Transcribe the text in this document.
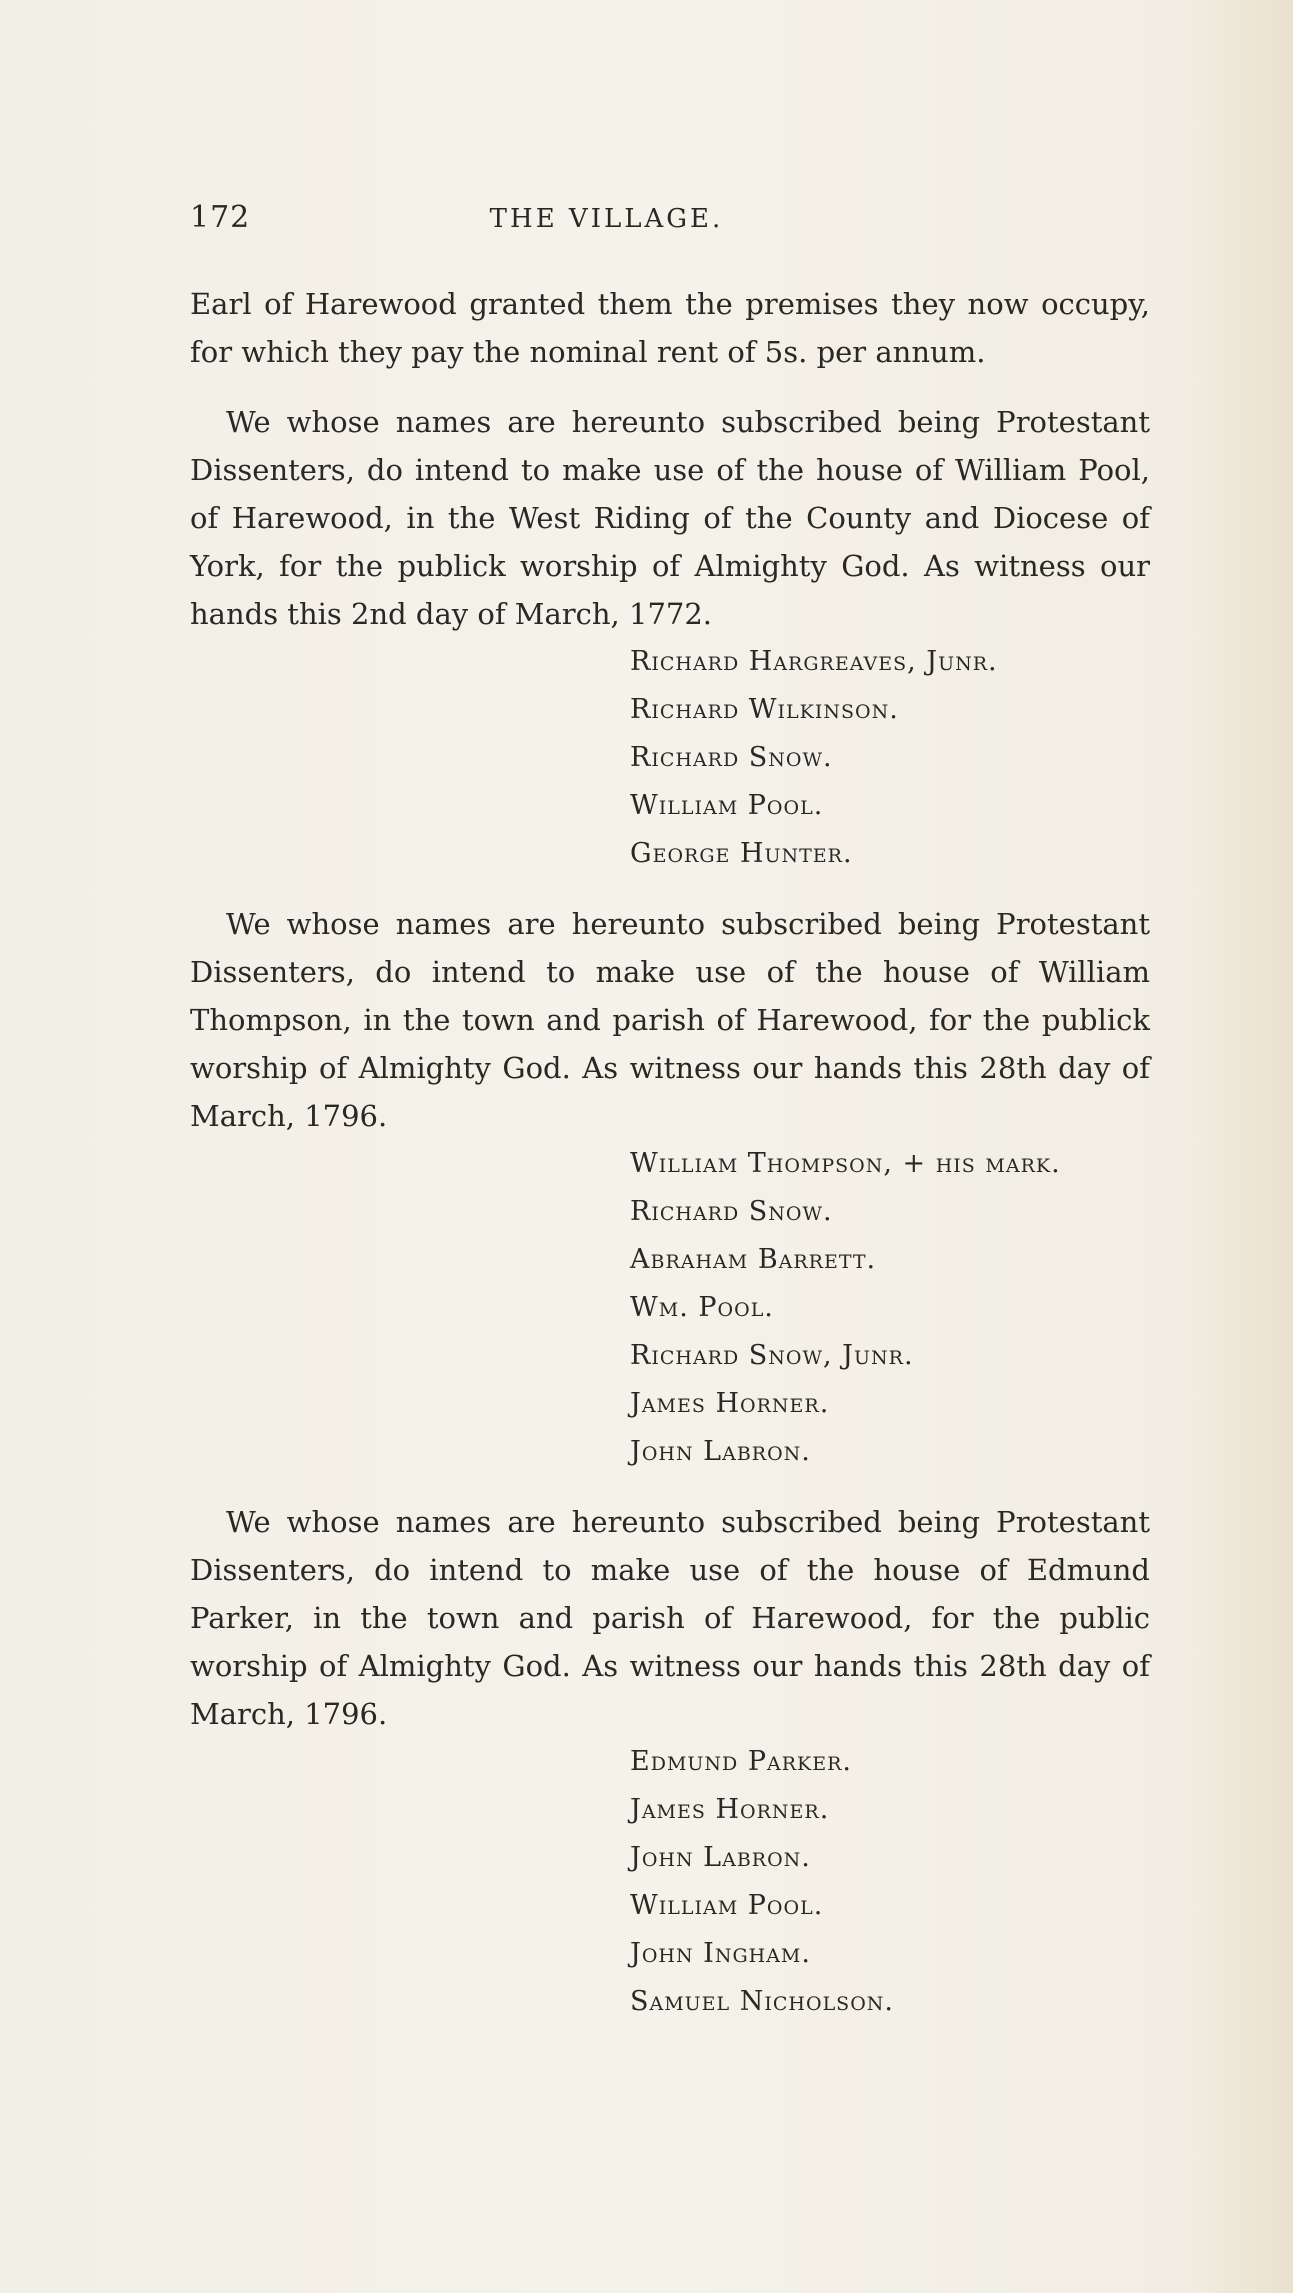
172	THE VILLAGE.

Earl of Harewood granted them the premises they now occupy, for which they pay the nominal rent of 5s. per annum.

We whose names are hereunto subscribed being Protestant Dissenters, do intend to make use of the house of William Pool, of Harewood, in the West Riding of the County and Diocese of York, for the publick worship of Almighty God. As witness our hands this 2nd day of March, 1772.

Richard Hargreaves, Junr.
Richard Wilkinson.
Richard Snow.
William Pool.
George Hunter.

We whose names are hereunto subscribed being Protestant Dissenters, do intend to make use of the house of William Thompson, in the town and parish of Harewood, for the publick worship of Almighty God. As witness our hands this 28th day of March, 1796.

William Thompson, + his mark.
Richard Snow.
Abraham Barrett.
Wm. Pool.
Richard Snow, Junr.
James Horner.
John Labron.

We whose names are hereunto subscribed being Protestant Dissenters, do intend to make use of the house of Edmund Parker, in the town and parish of Harewood, for the public worship of Almighty God. As witness our hands this 28th day of March, 1796.

Edmund Parker.
James Horner.
John Labron.
William Pool.
John Ingham.
Samuel Nicholson.
